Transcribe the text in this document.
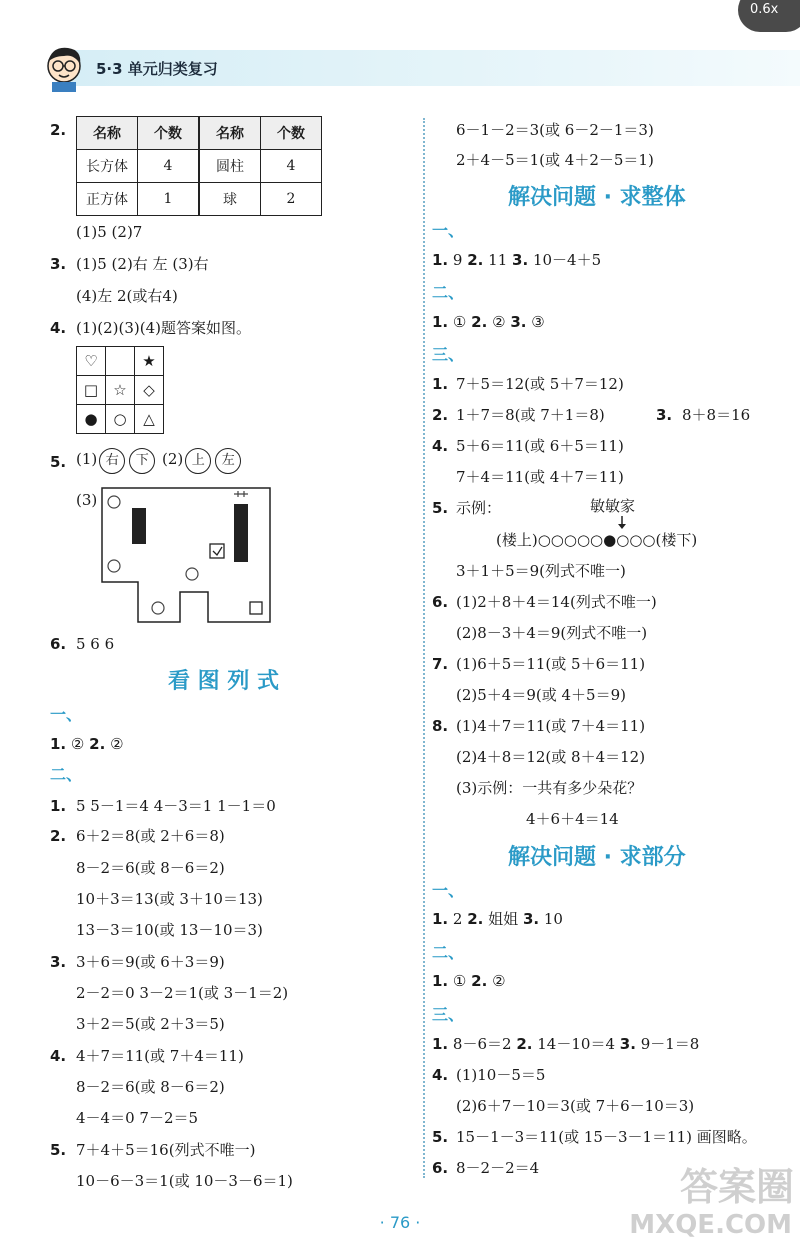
5·3 单元归类复习
0.6x
2. 名称	个数		名称	个数
长方体	4		圆柱	4
正方体	1		球	2
(1)5 (2)7
3. (1)5 (2)右 左 (3)右
(4)左 2(或右4)
4. (1)(2)(3)(4)题答案如图。
♡		★
□	☆	◇
●	○	△
5. (1) 右 下 (2) 上 左
(3)
6. 5 6 6
看 图 列 式
一、
1. ② 2. ②
二、
1. 5 5－1＝4 4－3＝1 1－1＝0
2. 6＋2＝8(或 2＋6＝8)
8－2＝6(或 8－6＝2)
10＋3＝13(或 3＋10＝13)
13－3＝10(或 13－10＝3)
3. 3＋6＝9(或 6＋3＝9)
2－2＝0 3－2＝1(或 3－1＝2)
3＋2＝5(或 2＋3＝5)
4. 4＋7＝11(或 7＋4＝11)
8－2＝6(或 8－6＝2)
4－4＝0 7－2＝5
5. 7＋4＋5＝16(列式不唯一)
10－6－3＝1(或 10－3－6＝1)
6－1－2＝3(或 6－2－1＝3)
2＋4－5＝1(或 4＋2－5＝1)
解决问题 · 求整体
一、
1. 9 2. 11 3. 10－4＋5
二、
1. ① 2. ② 3. ③
三、
1. 7＋5＝12(或 5＋7＝12)
2. 1＋7＝8(或 7＋1＝8)	3. 8＋8＝16
4. 5＋6＝11(或 6＋5＝11)
7＋4＝11(或 4＋7＝11)
5. 示例：	敏敏家
(楼上)○○○○○●○○○(楼下)
3＋1＋5＝9(列式不唯一)
6. (1)2＋8＋4＝14(列式不唯一)
(2)8－3＋4＝9(列式不唯一)
7. (1)6＋5＝11(或 5＋6＝11)
(2)5＋4＝9(或 4＋5＝9)
8. (1)4＋7＝11(或 7＋4＝11)
(2)4＋8＝12(或 8＋4＝12)
(3)示例：一共有多少朵花？
4＋6＋4＝14
解决问题 · 求部分
一、
1. 2 2. 姐姐 3. 10
二、
1. ① 2. ②
三、
1. 8－6＝2 2. 14－10＝4 3. 9－1＝8
4. (1)10－5＝5
(2)6＋7－10＝3(或 7＋6－10＝3)
5. 15－1－3＝11(或 15－3－1＝11) 画图略。
6. 8－2－2＝4
· 76 ·
答案圈
MXQE.COM
